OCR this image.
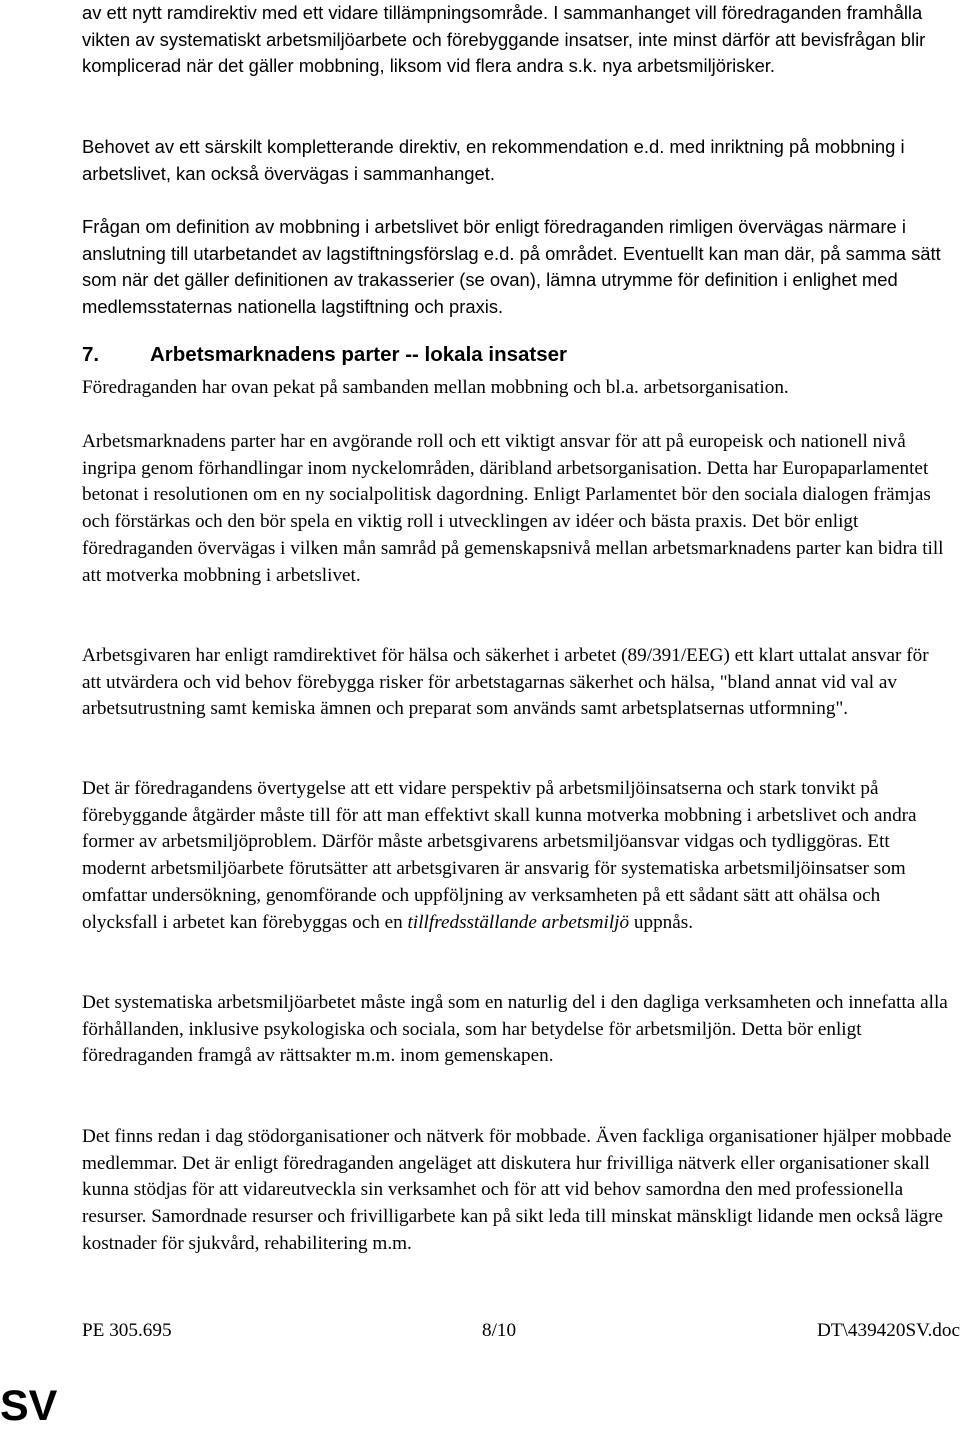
av ett nytt ramdirektiv med ett vidare tillämpningsområde. I sammanhanget vill föredraganden framhålla vikten av systematiskt arbetsmiljöarbete och förebyggande insatser, inte minst därför att bevisfrågan blir komplicerad när det gäller mobbning, liksom vid flera andra s.k. nya arbetsmiljörisker.

Behovet av ett särskilt kompletterande direktiv, en rekommendation e.d. med inriktning på mobbning i arbetslivet, kan också övervägas i sammanhanget.

Frågan om definition av mobbning i arbetslivet bör enligt föredraganden rimligen övervägas närmare i anslutning till utarbetandet av lagstiftningsförslag e.d. på området. Eventuellt kan man där, på samma sätt som när det gäller definitionen av trakasserier (se ovan), lämna utrymme för definition i enlighet med medlemsstaternas nationella lagstiftning och praxis.

7. Arbetsmarknadens parter -- lokala insatser

Föredraganden har ovan pekat på sambanden mellan mobbning och bl.a. arbetsorganisation.

Arbetsmarknadens parter har en avgörande roll och ett viktigt ansvar för att på europeisk och nationell nivå ingripa genom förhandlingar inom nyckelområden, däribland arbetsorganisation. Detta har Europaparlamentet betonat i resolutionen om en ny socialpolitisk dagordning. Enligt Parlamentet bör den sociala dialogen främjas och förstärkas och den bör spela en viktig roll i utvecklingen av idéer och bästa praxis. Det bör enligt föredraganden övervägas i vilken mån samråd på gemenskapsnivå mellan arbetsmarknadens parter kan bidra till att motverka mobbning i arbetslivet.

Arbetsgivaren har enligt ramdirektivet för hälsa och säkerhet i arbetet (89/391/EEG) ett klart uttalat ansvar för att utvärdera och vid behov förebygga risker för arbetstagarnas säkerhet och hälsa, "bland annat vid val av arbetsutrustning samt kemiska ämnen och preparat som används samt arbetsplatsernas utformning".

Det är föredragandens övertygelse att ett vidare perspektiv på arbetsmiljöinsatserna och stark tonvikt på förebyggande åtgärder måste till för att man effektivt skall kunna motverka mobbning i arbetslivet och andra former av arbetsmiljöproblem. Därför måste arbetsgivarens arbetsmiljöansvar vidgas och tydliggöras. Ett modernt arbetsmiljöarbete förutsätter att arbetsgivaren är ansvarig för systematiska arbetsmiljöinsatser som omfattar undersökning, genomförande och uppföljning av verksamheten på ett sådant sätt att ohälsa och olycksfall i arbetet kan förebyggas och en tillfredsställande arbetsmiljö uppnås.

Det systematiska arbetsmiljöarbetet måste ingå som en naturlig del i den dagliga verksamheten och innefatta alla förhållanden, inklusive psykologiska och sociala, som har betydelse för arbetsmiljön. Detta bör enligt föredraganden framgå av rättsakter m.m. inom gemenskapen.

Det finns redan i dag stödorganisationer och nätverk för mobbade. Även fackliga organisationer hjälper mobbade medlemmar. Det är enligt föredraganden angeläget att diskutera hur frivilliga nätverk eller organisationer skall kunna stödjas för att vidareutveckla sin verksamhet och för att vid behov samordna den med professionella resurser. Samordnade resurser och frivilligarbete kan på sikt leda till minskat mänskligt lidande men också lägre kostnader för sjukvård, rehabilitering m.m.

PE 305.695	8/10	DT\439420SV.doc
SV
